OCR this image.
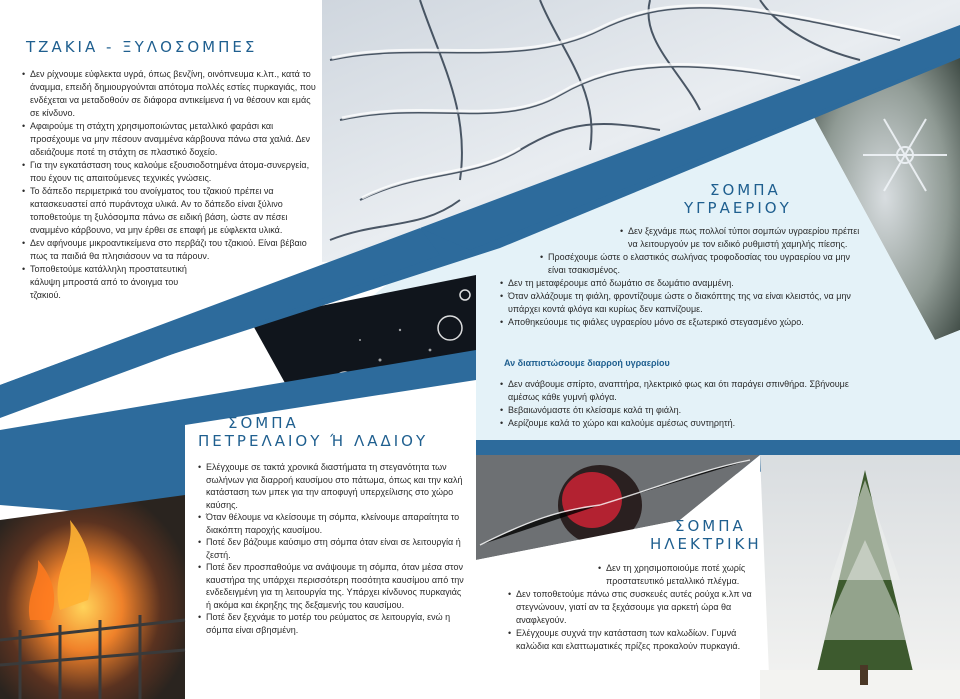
ΤΖΑΚΙΑ - ΞΥΛΟΣΟΜΠΕΣ
• Δεν ρίχνουμε εύφλεκτα υγρά, όπως βενζίνη, οινόπνευμα κ.λπ., κατά το άναμμα, επειδή δημιουργούνται απότομα πολλές εστίες πυρκαγιάς, που ενδέχεται να μεταδοθούν σε διάφορα αντικείμενα ή να θέσουν και εμάς σε κίνδυνο.
• Αφαιρούμε τη στάχτη χρησιμοποιώντας μεταλλικό φαράσι και προσέχουμε να μην πέσουν αναμμένα κάρβουνα πάνω στα χαλιά. Δεν αδειάζουμε ποτέ τη στάχτη σε πλαστικό δοχείο.
• Για την εγκατάσταση τους καλούμε εξουσιοδοτημένα άτομα-συνεργεία, που έχουν τις απαιτούμενες τεχνικές γνώσεις.
• Το δάπεδο περιμετρικά του ανοίγματος του τζακιού πρέπει να κατασκευαστεί από πυράντοχα υλικά. Αν το δάπεδο είναι ξύλινο τοποθετούμε τη ξυλόσομπα πάνω σε ειδική βάση, ώστε αν πέσει αναμμένο κάρβουνο, να μην έρθει σε επαφή με εύφλεκτα υλικά.
• Δεν αφήνουμε μικροαντικείμενα στο περβάζι του τζακιού. Είναι βέβαιο πως τα παιδιά θα πλησιάσουν να τα πάρουν.
• Τοποθετούμε κατάλληλη προστατευτική κάλυψη μπροστά από το άνοιγμα του τζακιού.
ΣΟΜΠΑ
ΥΓΡΑΕΡΙΟΥ
• Δεν ξεχνάμε πως πολλοί τύποι σομπών υγραερίου πρέπει να λειτουργούν με τον ειδικό ρυθμιστή χαμηλής πίεσης.
• Προσέχουμε ώστε ο ελαστικός σωλήνας τροφοδοσίας του υγραερίου να μην είναι τσακισμένος.
• Δεν τη μεταφέρουμε από δωμάτιο σε δωμάτιο αναμμένη.
• Όταν αλλάζουμε τη φιάλη, φροντίζουμε ώστε ο διακόπτης της να είναι κλειστός, να μην υπάρχει κοντά φλόγα και κυρίως δεν καπνίζουμε.
• Αποθηκεύουμε τις φιάλες υγραερίου μόνο σε εξωτερικό στεγασμένο χώρο.
Αν διαπιστώσουμε διαρροή υγραερίου
• Δεν ανάβουμε σπίρτο, αναπτήρα, ηλεκτρικό φως και ότι παράγει σπινθήρα. Σβήνουμε αμέσως κάθε γυμνή φλόγα.
• Βεβαιωνόμαστε ότι κλείσαμε καλά τη φιάλη.
• Αερίζουμε καλά το χώρο και καλούμε αμέσως συντηρητή.
ΣΟΜΠΑ
ΠΕΤΡΕΛΑΙΟΥ Ή ΛΑΔΙΟΥ
• Ελέγχουμε σε τακτά χρονικά διαστήματα τη στεγανότητα των σωλήνων για διαρροή καυσίμου στο πάτωμα, όπως και την καλή κατάσταση των μπεκ για την αποφυγή υπερχείλισης στο χώρο καύσης.
• Όταν θέλουμε να κλείσουμε τη σόμπα, κλείνουμε απαραίτητα το διακόπτη παροχής καυσίμου.
• Ποτέ δεν βάζουμε καύσιμο στη σόμπα όταν είναι σε λειτουργία ή ζεστή.
• Ποτέ δεν προσπαθούμε να ανάψουμε τη σόμπα, όταν μέσα στον καυστήρα της υπάρχει περισσότερη ποσότητα καυσίμου από την ενδεδειγμένη για τη λειτουργία της. Υπάρχει κίνδυνος πυρκαγιάς ή ακόμα και έκρηξης της δεξαμενής του καυσίμου.
• Ποτέ δεν ξεχνάμε το μοτέρ του ρεύματος σε λειτουργία, ενώ η σόμπα είναι σβησμένη.
ΣΟΜΠΑ
ΗΛΕΚΤΡΙΚΗ
• Δεν τη χρησιμοποιούμε ποτέ χωρίς προστατευτικό μεταλλικό πλέγμα.
• Δεν τοποθετούμε πάνω στις συσκευές αυτές ρούχα κ.λπ να στεγνώνουν, γιατί αν τα ξεχάσουμε για αρκετή ώρα θα αναφλεγούν.
• Ελέγχουμε συχνά την κατάσταση των καλωδίων. Γυμνά καλώδια και ελαττωματικές πρίζες προκαλούν πυρκαγιά.
